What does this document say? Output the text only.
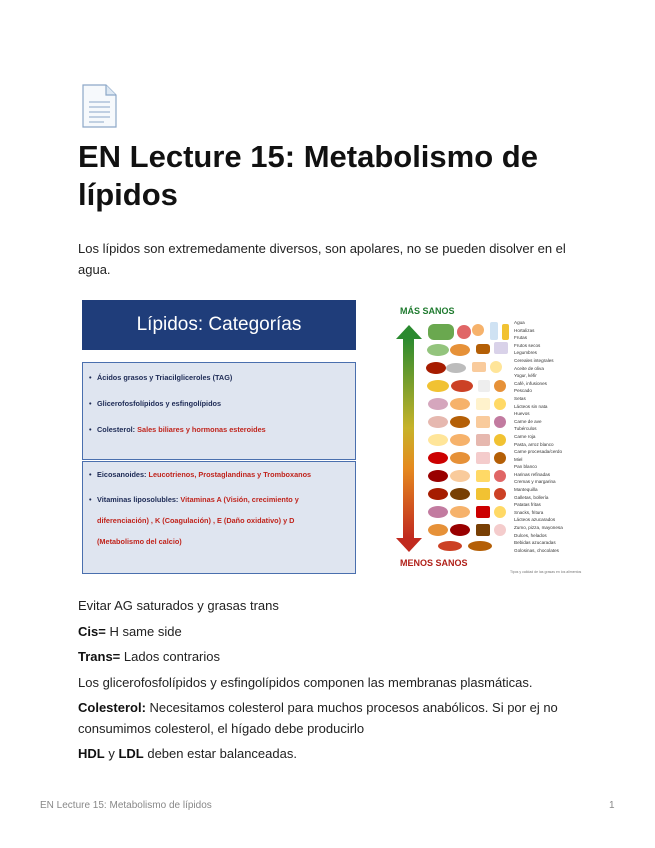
EN Lecture 15: Metabolismo de lípidos

Los lípidos son extremedamente diversos, son apolares, no se pueden disolver en el agua.

Lípidos: Categorías
• Ácidos grasos y Triacilgliceroles (TAG)
• Glicerofosfolípidos y esfingolípidos
• Colesterol: Sales biliares y hormonas esteroides
• Eicosanoides: Leucotrienos, Prostaglandinas y Tromboxanos
• Vitaminas liposolubles: Vitaminas A (Visión, crecimiento y

diferenciación) , K (Coagulación) , E (Daño oxidativo) y D

(Metabolismo del calcio)
MÁS SANOS
Agua
Hortalizas
Frutas
Frutos secos
Legumbres
Cereales integrales
Aceite de oliva
Yogur, kéfir
Café, infusiones
Pescado
Setas
Lácteos sin nata
Huevos
Carne de ave
Tubérculos
Carne roja
Pasta, arroz blanco
Carne procesada/cerdo
Miel
Pan blanco
Harinas refinadas
Cremas y margarina
Mantequilla
Galletas, bollería
Patatas fritas
Snacks, fritura
Lácteos azucarados
Zumo, pizza, mayonesa
Dulces, helados
Bebidas azucaradas
Golosinas, chocolates
MENOS SANOS
Tipos y calidad de las grasas en los alimentos

Evitar AG saturados y grasas trans

Cis= H same side

Trans= Lados contrarios

Los glicerofosfolípidos y esfingolípidos componen las membranas plasmáticas.

Colesterol: Necesitamos colesterol para muchos procesos anabólicos. Si por ej no
consumimos colesterol, el hígado debe producirlo

HDL y LDL deben estar balanceadas.

EN Lecture 15: Metabolismo de lípidos	1
